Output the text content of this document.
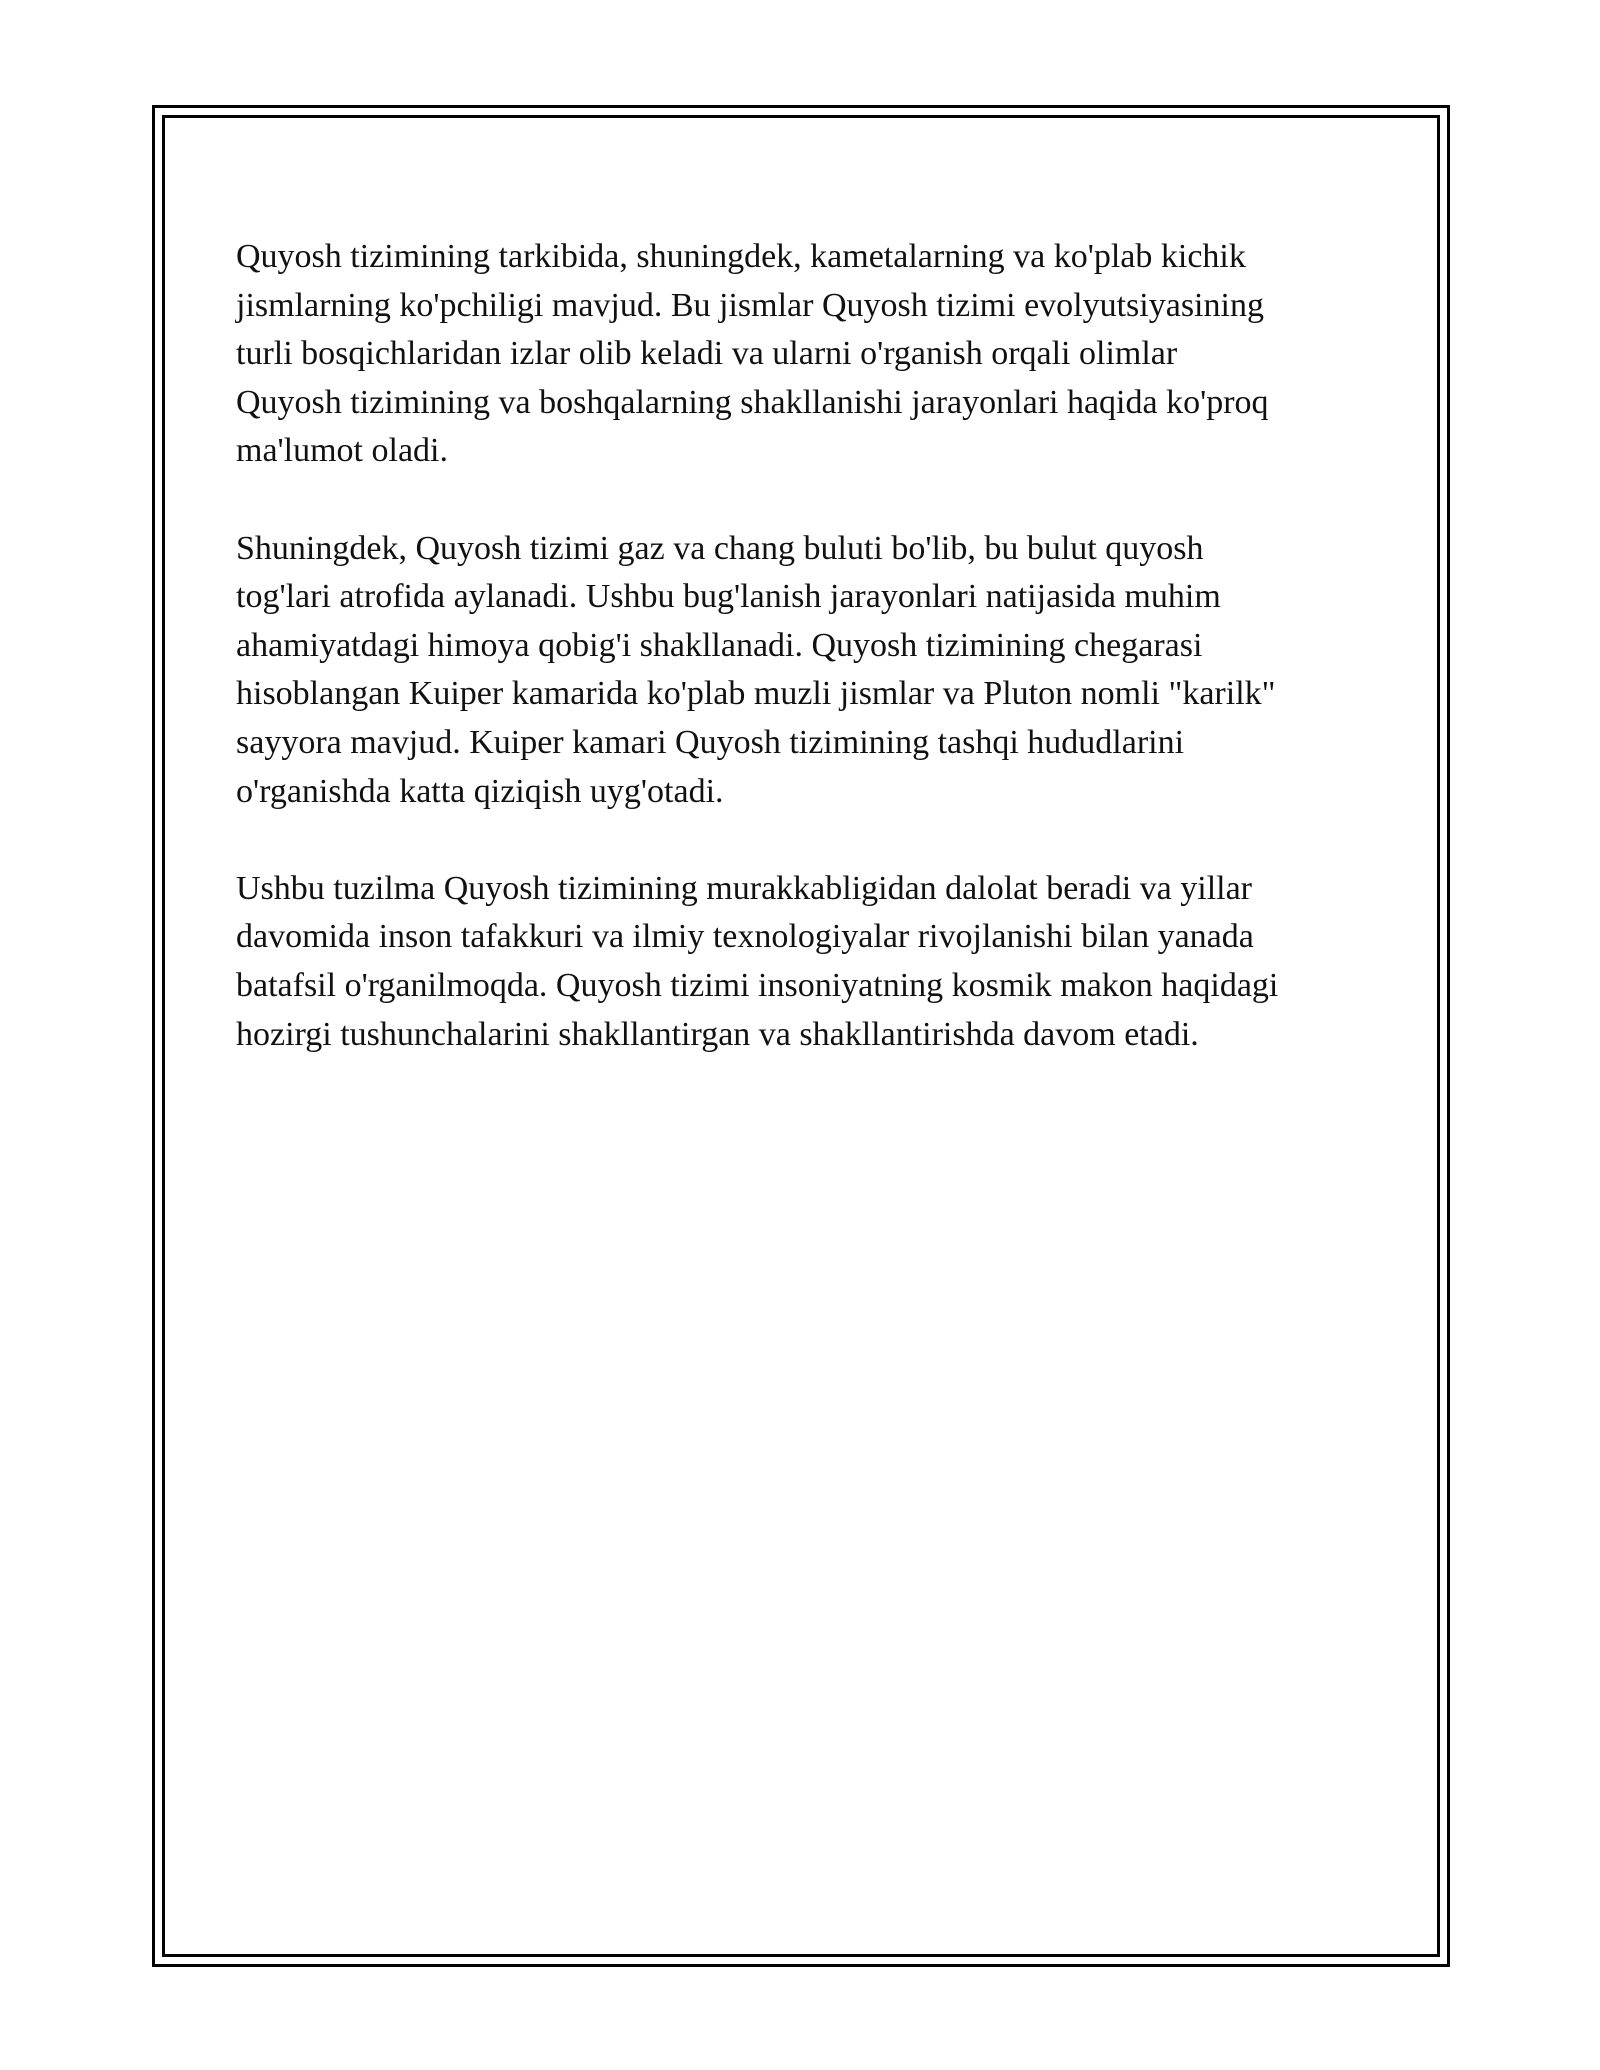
Quyosh tizimining tarkibida, shuningdek, kametalarning va ko'plab kichik
jismlarning ko'pchiligi mavjud. Bu jismlar Quyosh tizimi evolyutsiyasining
turli bosqichlaridan izlar olib keladi va ularni o'rganish orqali olimlar
Quyosh tizimining va boshqalarning shakllanishi jarayonlari haqida ko'proq
ma'lumot oladi.

Shuningdek, Quyosh tizimi gaz va chang buluti bo'lib, bu bulut quyosh
tog'lari atrofida aylanadi. Ushbu bug'lanish jarayonlari natijasida muhim
ahamiyatdagi himoya qobig'i shakllanadi. Quyosh tizimining chegarasi
hisoblangan Kuiper kamarida ko'plab muzli jismlar va Pluton nomli "karilk"
sayyora mavjud. Kuiper kamari Quyosh tizimining tashqi hududlarini
o'rganishda katta qiziqish uyg'otadi.

Ushbu tuzilma Quyosh tizimining murakkabligidan dalolat beradi va yillar
davomida inson tafakkuri va ilmiy texnologiyalar rivojlanishi bilan yanada
batafsil o'rganilmoqda. Quyosh tizimi insoniyatning kosmik makon haqidagi
hozirgi tushunchalarini shakllantirgan va shakllantirishda davom etadi.
